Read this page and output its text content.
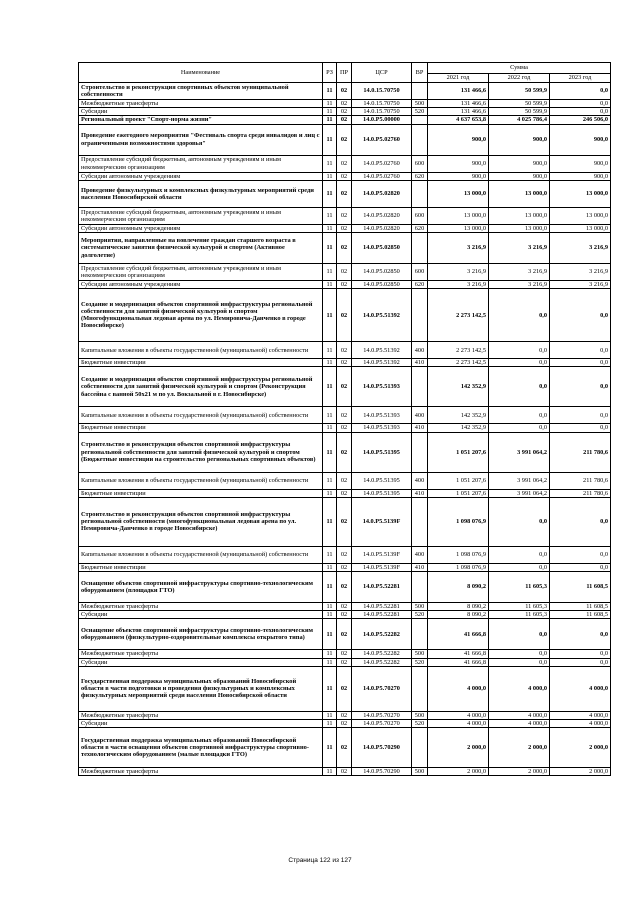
Наименование	РЗ	ПР	ЦСР	ВР	Сумма		
					2021 год	2022 год	2023 год
Строительство и реконструкция спортивных объектов муниципальной собственности	11	02	14.0.15.70750		131 466,6	50 599,9	0,0
Межбюджетные трансферты	11	02	14.0.15.70750	500	131 466,6	50 599,9	0,0
Субсидии	11	02	14.0.15.70750	520	131 466,6	50 599,9	0,0
Региональный проект "Спорт-норма жизни"	11	02	14.0.P5.00000		4 637 653,8	4 025 786,4	246 506,0
Проведение ежегодного мероприятия "Фестиваль спорта среди инвалидов и лиц с ограниченными возможностями здоровья"	11	02	14.0.P5.02760		900,0	900,0	900,0
Предоставление субсидий бюджетным, автономным учреждениям и иным некоммерческим организациям	11	02	14.0.P5.02760	600	900,0	900,0	900,0
Субсидии автономным учреждениям	11	02	14.0.P5.02760	620	900,0	900,0	900,0
Проведение физкультурных и комплексных физкультурных мероприятий среди населения Новосибирской области	11	02	14.0.P5.02820		13 000,0	13 000,0	13 000,0
Предоставление субсидий бюджетным, автономным учреждениям и иным некоммерческим организациям	11	02	14.0.P5.02820	600	13 000,0	13 000,0	13 000,0
Субсидии автономным учреждениям	11	02	14.0.P5.02820	620	13 000,0	13 000,0	13 000,0
Мероприятия, направленные на вовлечение граждан старшего возраста в систематические занятия физической культурой и спортом (Активное долголетие)	11	02	14.0.P5.02850		3 216,9	3 216,9	3 216,9
Предоставление субсидий бюджетным, автономным учреждениям и иным некоммерческим организациям	11	02	14.0.P5.02850	600	3 216,9	3 216,9	3 216,9
Субсидии автономным учреждениям	11	02	14.0.P5.02850	620	3 216,9	3 216,9	3 216,9
Создание и модернизация объектов спортивной инфраструктуры региональной собственности для занятий физической культурой и спортом (Многофункциональная ледовая арена по ул. Немировича-Данченко в городе Новосибирске)	11	02	14.0.P5.51392		2 273 142,5	0,0	0,0
Капитальные вложения в объекты государственной (муниципальной) собственности	11	02	14.0.P5.51392	400	2 273 142,5	0,0	0,0
Бюджетные инвестиции	11	02	14.0.P5.51392	410	2 273 142,5	0,0	0,0
Создание и модернизация объектов спортивной инфраструктуры региональной собственности для занятий физической культурой и спортом (Реконструкция бассейна с ванной 50х21 м по ул. Вокзальной в г. Новосибирске)	11	02	14.0.P5.51393		142 352,9	0,0	0,0
Капитальные вложения в объекты государственной (муниципальной) собственности	11	02	14.0.P5.51393	400	142 352,9	0,0	0,0
Бюджетные инвестиции	11	02	14.0.P5.51393	410	142 352,9	0,0	0,0
Строительство и реконструкция объектов спортивной инфраструктуры региональной собственности для занятий физической культурой и спортом (Бюджетные инвестиции на строительство региональных спортивных объектов)	11	02	14.0.P5.51395		1 051 207,6	3 991 064,2	211 780,6
Капитальные вложения в объекты государственной (муниципальной) собственности	11	02	14.0.P5.51395	400	1 051 207,6	3 991 064,2	211 780,6
Бюджетные инвестиции	11	02	14.0.P5.51395	410	1 051 207,6	3 991 064,2	211 780,6
Строительство и реконструкция объектов спортивной инфраструктуры региональной собственности (многофункциональная ледовая арена по ул. Немировича-Данченко в городе Новосибирске)	11	02	14.0.P5.5139F		1 098 076,9	0,0	0,0
Капитальные вложения в объекты государственной (муниципальной) собственности	11	02	14.0.P5.5139F	400	1 098 076,9	0,0	0,0
Бюджетные инвестиции	11	02	14.0.P5.5139F	410	1 098 076,9	0,0	0,0
Оснащение объектов спортивной инфраструктуры спортивно-технологическим оборудованием (площадки ГТО)	11	02	14.0.P5.52281		8 090,2	11 605,3	11 608,5
Межбюджетные трансферты	11	02	14.0.P5.52281	500	8 090,2	11 605,3	11 608,5
Субсидии	11	02	14.0.P5.52281	520	8 090,2	11 605,3	11 608,5
Оснащение объектов спортивной инфраструктуры спортивно-технологическим оборудованием (физкультурно-оздоровительные комплексы открытого типа)	11	02	14.0.P5.52282		41 666,8	0,0	0,0
Межбюджетные трансферты	11	02	14.0.P5.52282	500	41 666,8	0,0	0,0
Субсидии	11	02	14.0.P5.52282	520	41 666,8	0,0	0,0
Государственная поддержка муниципальных образований Новосибирской области в части подготовки и проведения физкультурных и комплексных физкультурных мероприятий среди населения Новосибирской области	11	02	14.0.P5.70270		4 000,0	4 000,0	4 000,0
Межбюджетные трансферты	11	02	14.0.P5.70270	500	4 000,0	4 000,0	4 000,0
Субсидии	11	02	14.0.P5.70270	520	4 000,0	4 000,0	4 000,0
Государственная поддержка муниципальных образований Новосибирской области в части оснащения объектов спортивной инфраструктуры спортивно-технологическим оборудованием (малые площадки ГТО)	11	02	14.0.P5.70290		2 000,0	2 000,0	2 000,0
Межбюджетные трансферты	11	02	14.0.P5.70290	500	2 000,0	2 000,0	2 000,0
Страница 122 из 127
